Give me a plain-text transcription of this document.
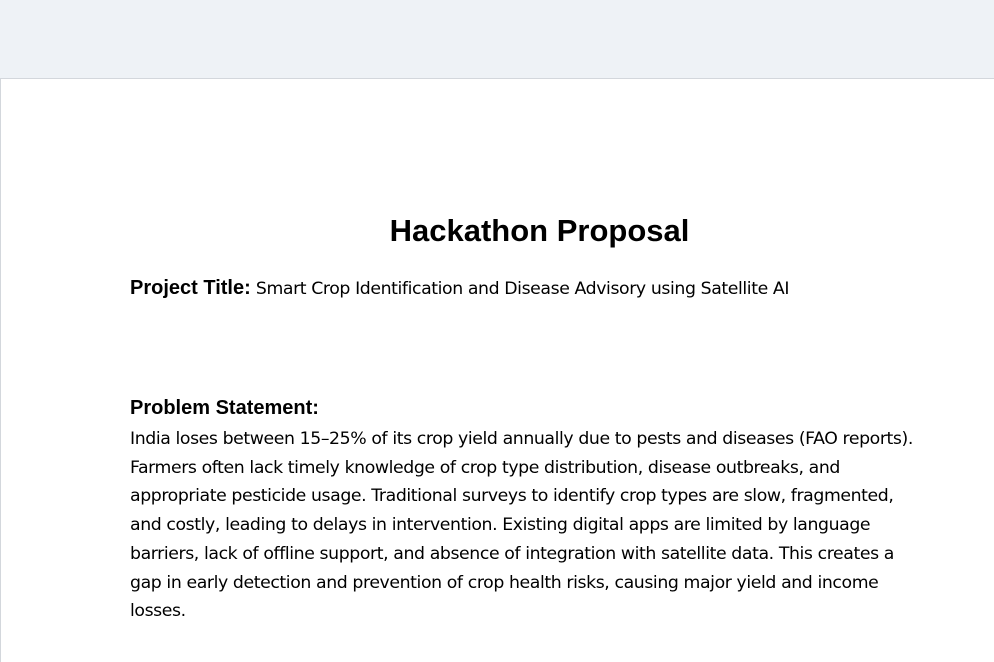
Hackathon Proposal

Project Title: Smart Crop Identification and Disease Advisory using Satellite AI

Problem Statement:

India loses between 15–25% of its crop yield annually due to pests and diseases (FAO reports). Farmers often lack timely knowledge of crop type distribution, disease outbreaks, and appropriate pesticide usage. Traditional surveys to identify crop types are slow, fragmented, and costly, leading to delays in intervention. Existing digital apps are limited by language barriers, lack of offline support, and absence of integration with satellite data. This creates a gap in early detection and prevention of crop health risks, causing major yield and income losses.
